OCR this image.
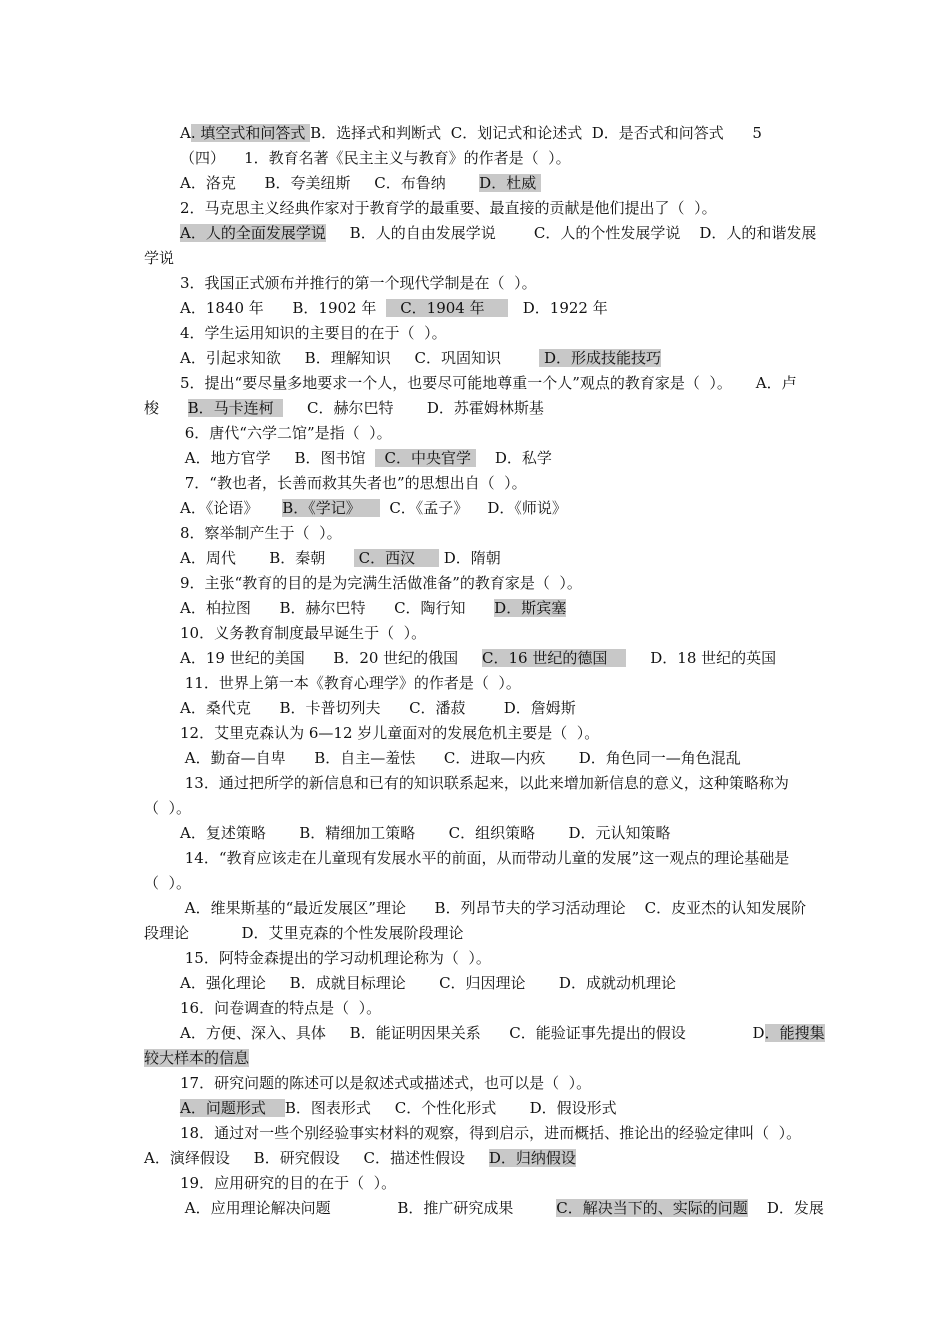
A. 填空式和问答式 B．选择式和判断式  C．划记式和论述式  D．是否式和问答式      5
（四）    1．教育名著《民主主义与教育》的作者是（  ）。
A．洛克      B．夸美纽斯     C．布鲁纳       D．杜威
2．马克思主义经典作家对于教育学的最重要、最直接的贡献是他们提出了（  ）。
A．人的全面发展学说     B．人的自由发展学说        C．人的个性发展学说    D．人的和谐发展
学说
3．我国正式颁布并推行的第一个现代学制是在（  ）。
A．1840 年      B．1902 年     C．1904 年        D．1922 年
4．学生运用知识的主要目的在于（  ）。
A．引起求知欲     B．理解知识     C．巩固知识         D．形成技能技巧
5．提出“要尽量多地要求一个人，也要尽可能地尊重一个人”观点的教育家是（  ）。     A．卢
梭      B．马卡连柯       C．赫尔巴特       D．苏霍姆林斯基
6．唐代“六学二馆”是指（  ）。
A．地方官学     B．图书馆    C．中央官学     D．私学
7．“教也者，长善而救其失者也”的思想出自（  ）。
A．《论语》     B．《学记》      C．《孟子》    D．《师说》
8．察举制产生于（  ）。
A．周代       B．秦朝       C．西汉      D．隋朝
9．主张“教育的目的是为完满生活做准备”的教育家是（  ）。
A．柏拉图      B．赫尔巴特      C．陶行知      D．斯宾塞
10．义务教育制度最早诞生于（  ）。
A．19 世纪的美国      B．20 世纪的俄国     C．16 世纪的德国         D．18 世纪的英国
11．世界上第一本《教育心理学》的作者是（  ）。
A．桑代克      B．卡普切列夫      C．潘菽        D．詹姆斯
12．艾里克森认为 6—12 岁儿童面对的发展危机主要是（  ）。
A．勤奋—自卑      B．自主—羞怯      C．进取—内疚       D．角色同一—角色混乱
13．通过把所学的新信息和已有的知识联系起来，以此来增加新信息的意义，这种策略称为
（  ）。
A．复述策略       B．精细加工策略       C．组织策略       D．元认知策略
14．“教育应该走在儿童现有发展水平的前面，从而带动儿童的发展”这一观点的理论基础是
（  ）。
A．维果斯基的“最近发展区”理论      B．列昂节夫的学习活动理论    C．皮亚杰的认知发展阶
段理论           D．艾里克森的个性发展阶段理论
15．阿特金森提出的学习动机理论称为（  ）。
A．强化理论     B．成就目标理论       C．归因理论       D．成就动机理论
16．问卷调查的特点是（  ）。
A．方便、深入、具体     B．能证明因果关系      C．能验证事先提出的假设              D．能搜集
较大样本的信息
17．研究问题的陈述可以是叙述式或描述式，也可以是（  ）。
A．问题形式    B．图表形式     C．个性化形式       D．假设形式
18．通过对一些个别经验事实材料的观察，得到启示，进而概括、推论出的经验定律叫（  ）。
A．演绎假设     B．研究假设     C．描述性假设     D．归纳假设
19．应用研究的目的在于（  ）。
A．应用理论解决问题              B．推广研究成果         C．解决当下的、实际的问题    D．发展
